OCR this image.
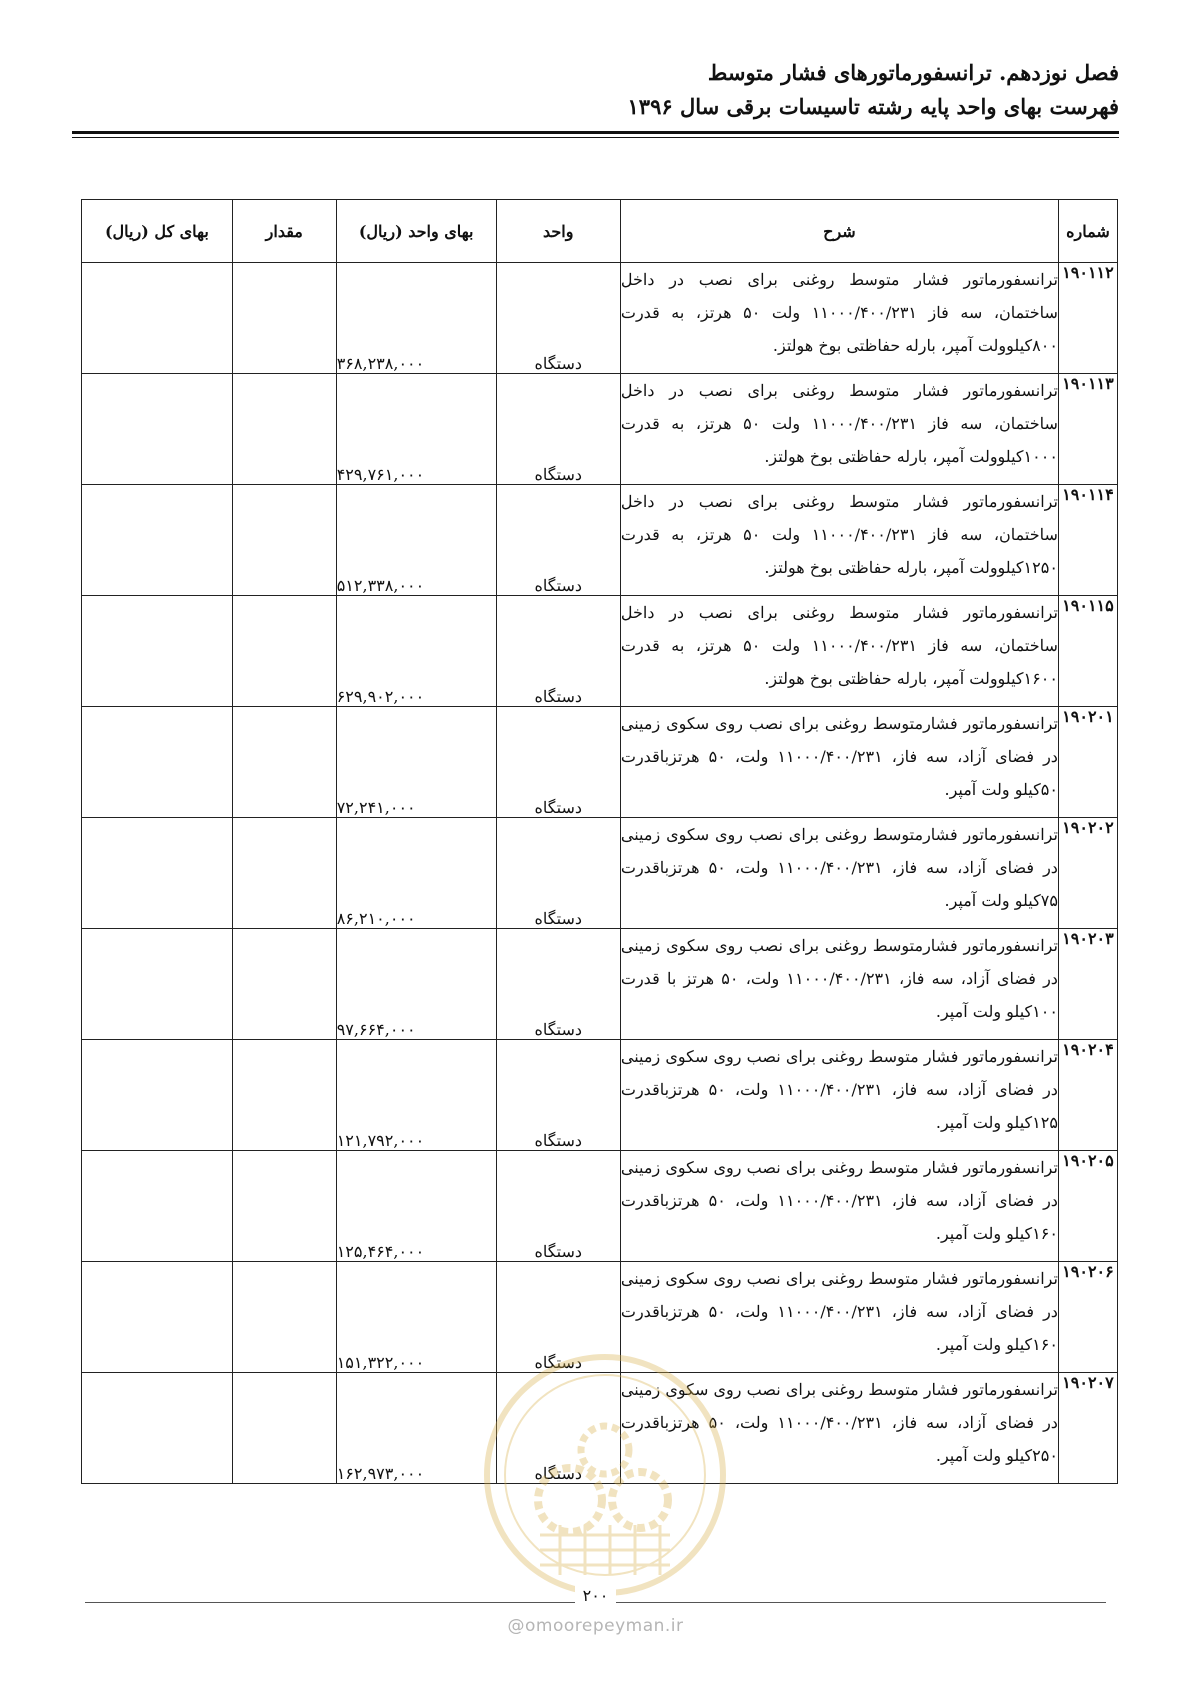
فصل نوزدهم. ترانسفورماتورهای فشار متوسط
فهرست بهای واحد پایه رشته تاسیسات برقی سال ۱۳۹۶
شماره	شرح	واحد	بهای واحد (ریال)	مقدار	بهای کل (ریال)
۱۹۰۱۱۲	ترانسفورماتور فشار متوسط روغنی برای نصب در داخل ساختمان، سه فاز ۱۱۰۰۰/۴۰۰/۲۳۱ ولت ۵۰ هرتز، به قدرت ۸۰۰کیلوولت آمپر، بارله حفاظتی بوخ هولتز.	دستگاه	۳۶۸,۲۳۸,۰۰۰		
۱۹۰۱۱۳	ترانسفورماتور فشار متوسط روغنی برای نصب در داخل ساختمان، سه فاز ۱۱۰۰۰/۴۰۰/۲۳۱ ولت ۵۰ هرتز، به قدرت ۱۰۰۰کیلوولت آمپر، بارله حفاظتی بوخ هولتز.	دستگاه	۴۲۹,۷۶۱,۰۰۰		
۱۹۰۱۱۴	ترانسفورماتور فشار متوسط روغنی برای نصب در داخل ساختمان، سه فاز ۱۱۰۰۰/۴۰۰/۲۳۱ ولت ۵۰ هرتز، به قدرت ۱۲۵۰کیلوولت آمپر، بارله حفاظتی بوخ هولتز.	دستگاه	۵۱۲,۳۳۸,۰۰۰		
۱۹۰۱۱۵	ترانسفورماتور فشار متوسط روغنی برای نصب در داخل ساختمان، سه فاز ۱۱۰۰۰/۴۰۰/۲۳۱ ولت ۵۰ هرتز، به قدرت ۱۶۰۰کیلوولت آمپر، بارله حفاظتی بوخ هولتز.	دستگاه	۶۲۹,۹۰۲,۰۰۰		
۱۹۰۲۰۱	ترانسفورماتور فشارمتوسط روغنی برای نصب روی سکوی زمینی در فضای آزاد، سه فاز، ۱۱۰۰۰/۴۰۰/۲۳۱ ولت، ۵۰ هرتزباقدرت ۵۰کیلو ولت آمپر.	دستگاه	۷۲,۲۴۱,۰۰۰		
۱۹۰۲۰۲	ترانسفورماتور فشارمتوسط روغنی برای نصب روی سکوی زمینی در فضای آزاد، سه فاز، ۱۱۰۰۰/۴۰۰/۲۳۱ ولت، ۵۰ هرتزباقدرت ۷۵کیلو ولت آمپر.	دستگاه	۸۶,۲۱۰,۰۰۰		
۱۹۰۲۰۳	ترانسفورماتور فشارمتوسط روغنی برای نصب روی سکوی زمینی در فضای آزاد، سه فاز، ۱۱۰۰۰/۴۰۰/۲۳۱ ولت، ۵۰ هرتز با قدرت ۱۰۰کیلو ولت آمپر.	دستگاه	۹۷,۶۶۴,۰۰۰		
۱۹۰۲۰۴	ترانسفورماتور فشار متوسط روغنی برای نصب روی سکوی زمینی در فضای آزاد، سه فاز، ۱۱۰۰۰/۴۰۰/۲۳۱ ولت، ۵۰ هرتزباقدرت ۱۲۵کیلو ولت آمپر.	دستگاه	۱۲۱,۷۹۲,۰۰۰		
۱۹۰۲۰۵	ترانسفورماتور فشار متوسط روغنی برای نصب روی سکوی زمینی در فضای آزاد، سه فاز، ۱۱۰۰۰/۴۰۰/۲۳۱ ولت، ۵۰ هرتزباقدرت ۱۶۰کیلو ولت آمپر.	دستگاه	۱۲۵,۴۶۴,۰۰۰		
۱۹۰۲۰۶	ترانسفورماتور فشار متوسط روغنی برای نصب روی سکوی زمینی در فضای آزاد، سه فاز، ۱۱۰۰۰/۴۰۰/۲۳۱ ولت، ۵۰ هرتزباقدرت ۱۶۰کیلو ولت آمپر.	دستگاه	۱۵۱,۳۲۲,۰۰۰		
۱۹۰۲۰۷	ترانسفورماتور فشار متوسط روغنی برای نصب روی سکوی زمینی در فضای آزاد، سه فاز، ۱۱۰۰۰/۴۰۰/۲۳۱ ولت، ۵۰ هرتزباقدرت ۲۵۰کیلو ولت آمپر.	دستگاه	۱۶۲,۹۷۳,۰۰۰		
۲۰۰
@omoorepeyman.ir
